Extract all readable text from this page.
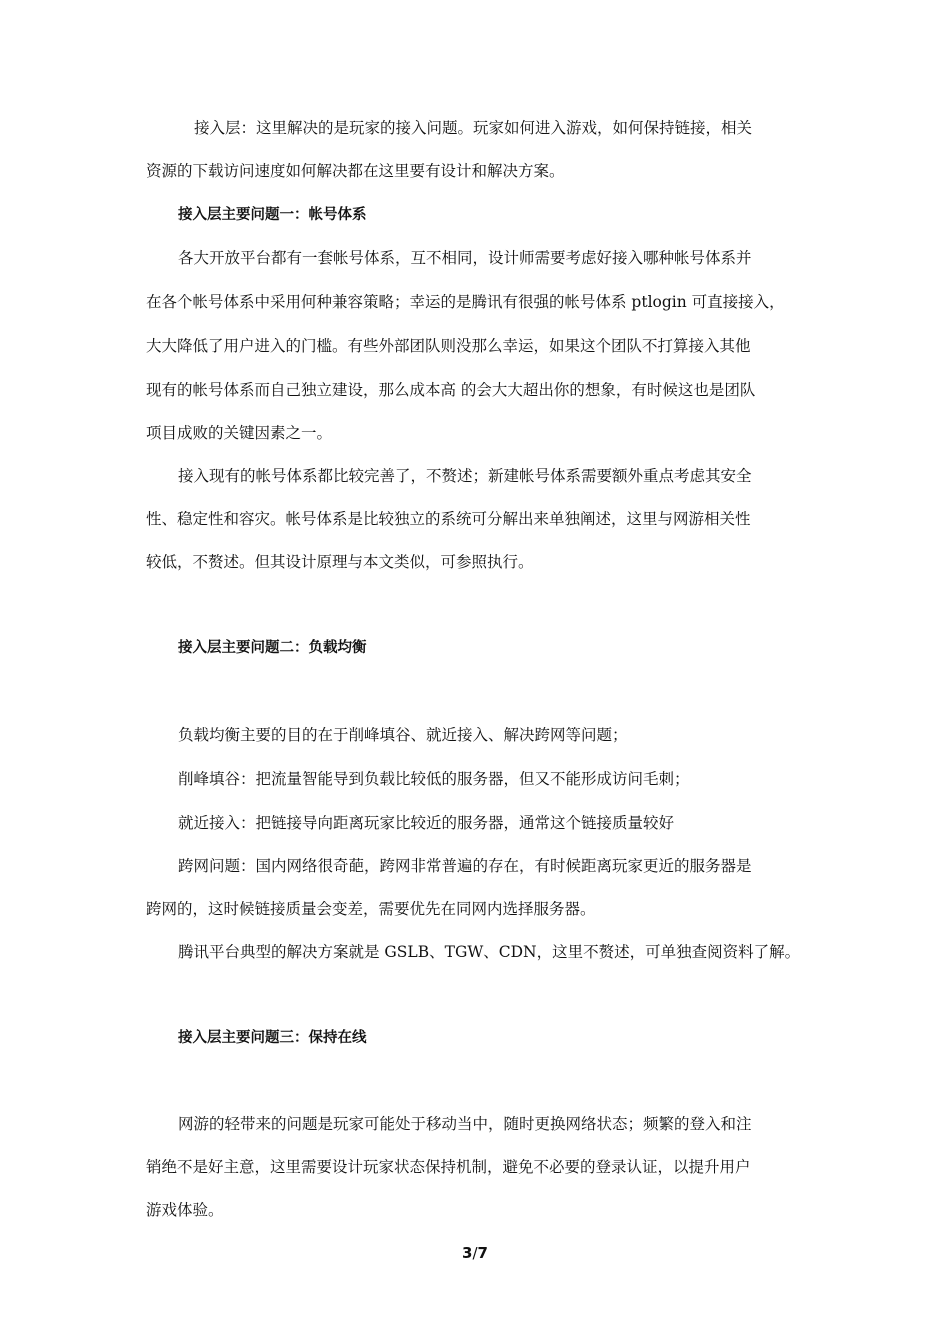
接入层：这里解决的是玩家的接入问题。玩家如何进入游戏，如何保持链接，相关
资源的下载访问速度如何解决都在这里要有设计和解决方案。
接入层主要问题一：帐号体系
各大开放平台都有一套帐号体系，互不相同，设计师需要考虑好接入哪种帐号体系并
在各个帐号体系中采用何种兼容策略；幸运的是腾讯有很强的帐号体系 ptlogin 可直接接入，
大大降低了用户进入的门槛。有些外部团队则没那么幸运，如果这个团队不打算接入其他
现有的帐号体系而自己独立建设，那么成本高 的会大大超出你的想象，有时候这也是团队
项目成败的关键因素之一。
接入现有的帐号体系都比较完善了，不赘述；新建帐号体系需要额外重点考虑其安全
性、稳定性和容灾。帐号体系是比较独立的系统可分解出来单独阐述，这里与网游相关性
较低，不赘述。但其设计原理与本文类似，可参照执行。
接入层主要问题二：负载均衡
负载均衡主要的目的在于削峰填谷、就近接入、解决跨网等问题；
削峰填谷：把流量智能导到负载比较低的服务器，但又不能形成访问毛刺；
就近接入：把链接导向距离玩家比较近的服务器，通常这个链接质量较好
跨网问题：国内网络很奇葩，跨网非常普遍的存在，有时候距离玩家更近的服务器是
跨网的，这时候链接质量会变差，需要优先在同网内选择服务器。
腾讯平台典型的解决方案就是 GSLB、TGW、CDN，这里不赘述，可单独查阅资料了解。
接入层主要问题三：保持在线
网游的轻带来的问题是玩家可能处于移动当中，随时更换网络状态；频繁的登入和注
销绝不是好主意，这里需要设计玩家状态保持机制，避免不必要的登录认证，以提升用户
游戏体验。
3/7
